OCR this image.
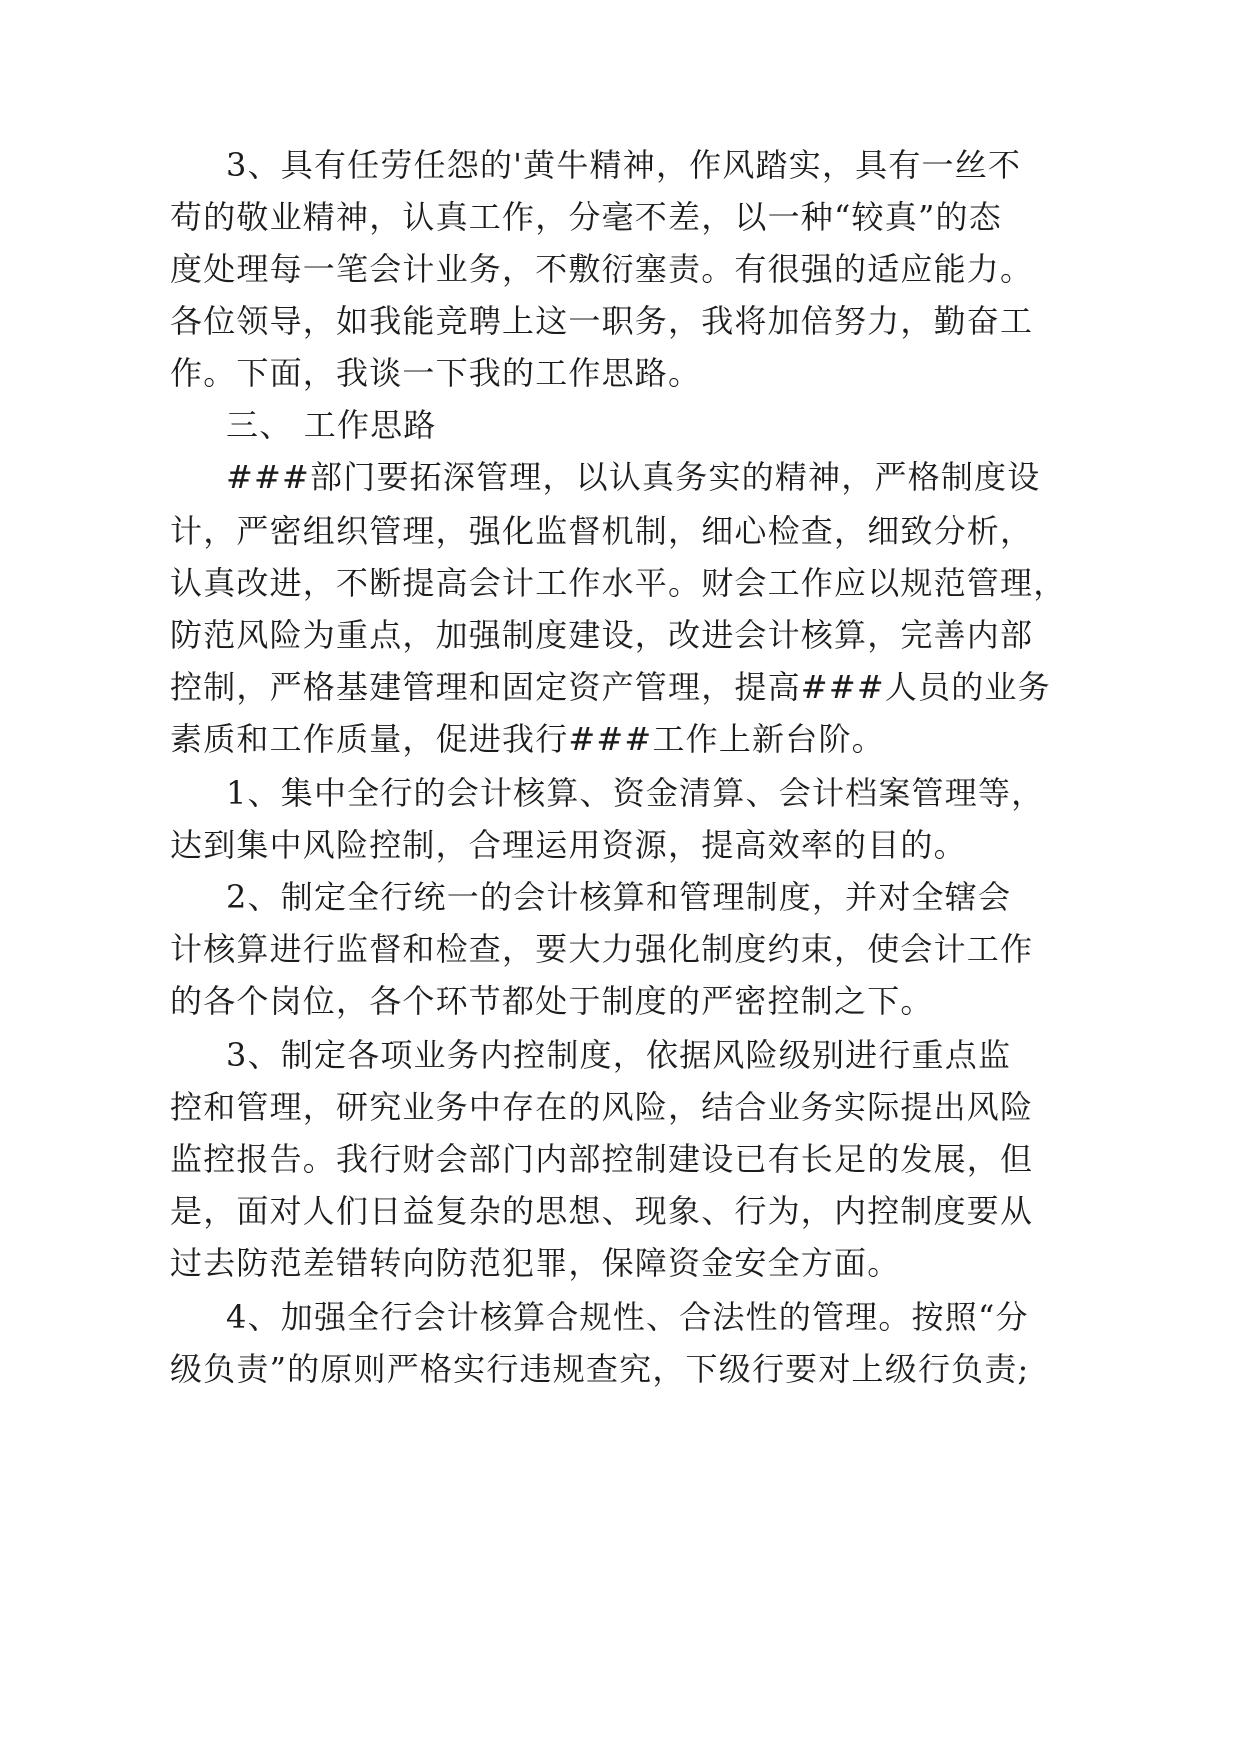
3、具有任劳任怨的'黄牛精神，作风踏实，具有一丝不

苟的敬业精神，认真工作，分毫不差，以一种“较真”的态

度处理每一笔会计业务，不敷衍塞责。有很强的适应能力。

各位领导，如我能竞聘上这一职务，我将加倍努力，勤奋工

作。下面，我谈一下我的工作思路。

三、 工作思路

###部门要拓深管理，以认真务实的精神，严格制度设

计，严密组织管理，强化监督机制，细心检查，细致分析，

认真改进，不断提高会计工作水平。财会工作应以规范管理，

防范风险为重点，加强制度建设，改进会计核算，完善内部

控制，严格基建管理和固定资产管理，提高###人员的业务

素质和工作质量，促进我行###工作上新台阶。

1、集中全行的会计核算、资金清算、会计档案管理等，

达到集中风险控制，合理运用资源，提高效率的目的。

2、制定全行统一的会计核算和管理制度，并对全辖会

计核算进行监督和检查，要大力强化制度约束，使会计工作

的各个岗位，各个环节都处于制度的严密控制之下。

3、制定各项业务内控制度，依据风险级别进行重点监

控和管理，研究业务中存在的风险，结合业务实际提出风险

监控报告。我行财会部门内部控制建设已有长足的发展，但

是，面对人们日益复杂的思想、现象、行为，内控制度要从

过去防范差错转向防范犯罪，保障资金安全方面。

4、加强全行会计核算合规性、合法性的管理。按照“分

级负责”的原则严格实行违规查究，下级行要对上级行负责;
